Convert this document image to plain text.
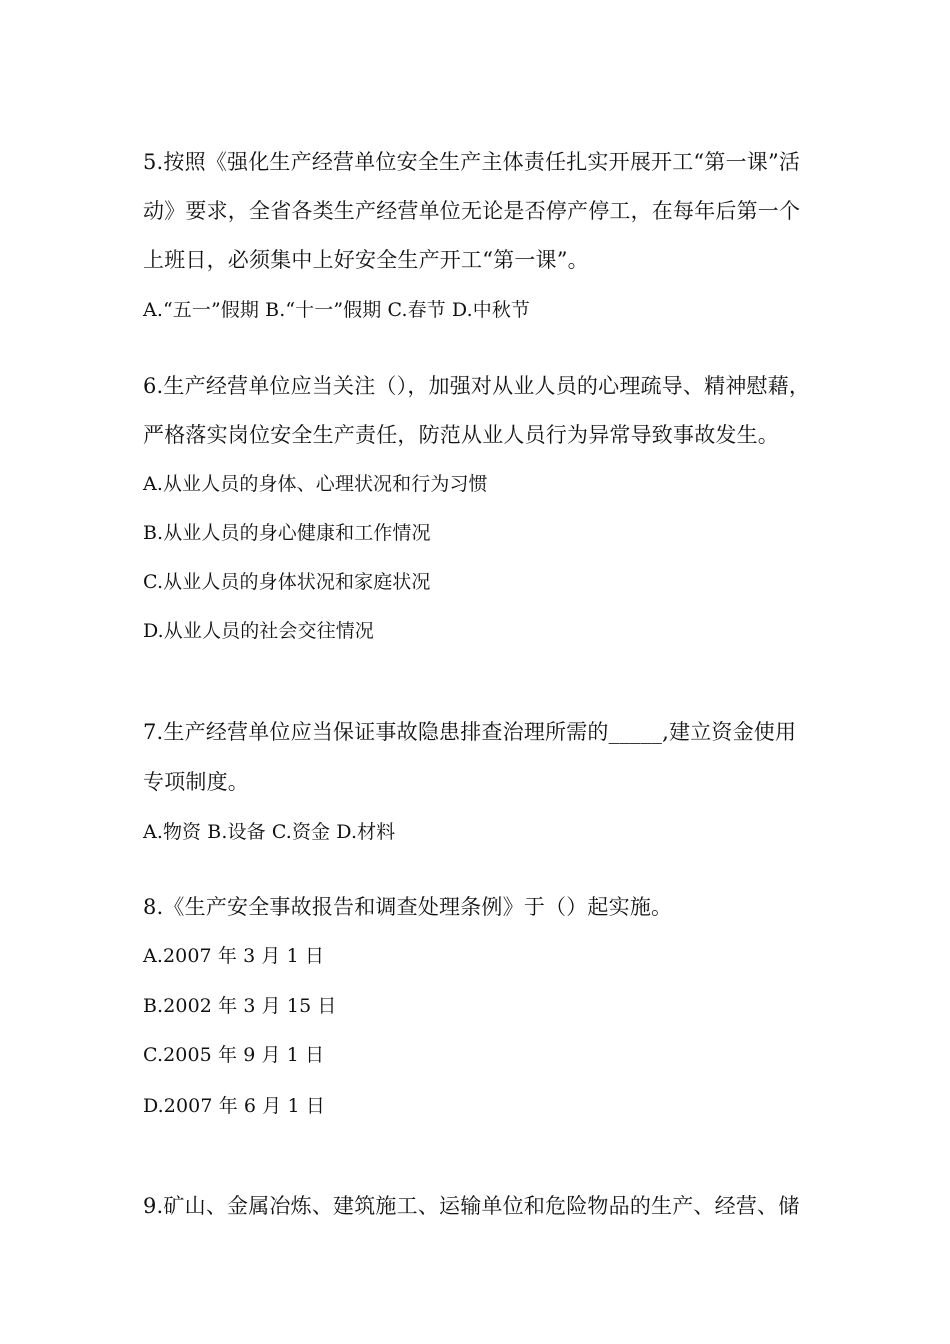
5.按照《强化生产经营单位安全生产主体责任扎实开展开工“第一课”活
动》要求，全省各类生产经营单位无论是否停产停工，在每年后第一个
上班日，必须集中上好安全生产开工“第一课”。
A.“五一”假期 B.“十一”假期 C.春节 D.中秋节
6.生产经营单位应当关注（），加强对从业人员的心理疏导、精神慰藉，
严格落实岗位安全生产责任，防范从业人员行为异常导致事故发生。
A.从业人员的身体、心理状况和行为习惯
B.从业人员的身心健康和工作情况
C.从业人员的身体状况和家庭状况
D.从业人员的社会交往情况
7.生产经营单位应当保证事故隐患排查治理所需的_____,建立资金使用
专项制度。
A.物资 B.设备 C.资金 D.材料
8.《生产安全事故报告和调查处理条例》于（）起实施。
A.2007 年 3 月 1 日
B.2002 年 3 月 15 日
C.2005 年 9 月 1 日
D.2007 年 6 月 1 日
9.矿山、金属冶炼、建筑施工、运输单位和危险物品的生产、经营、储
